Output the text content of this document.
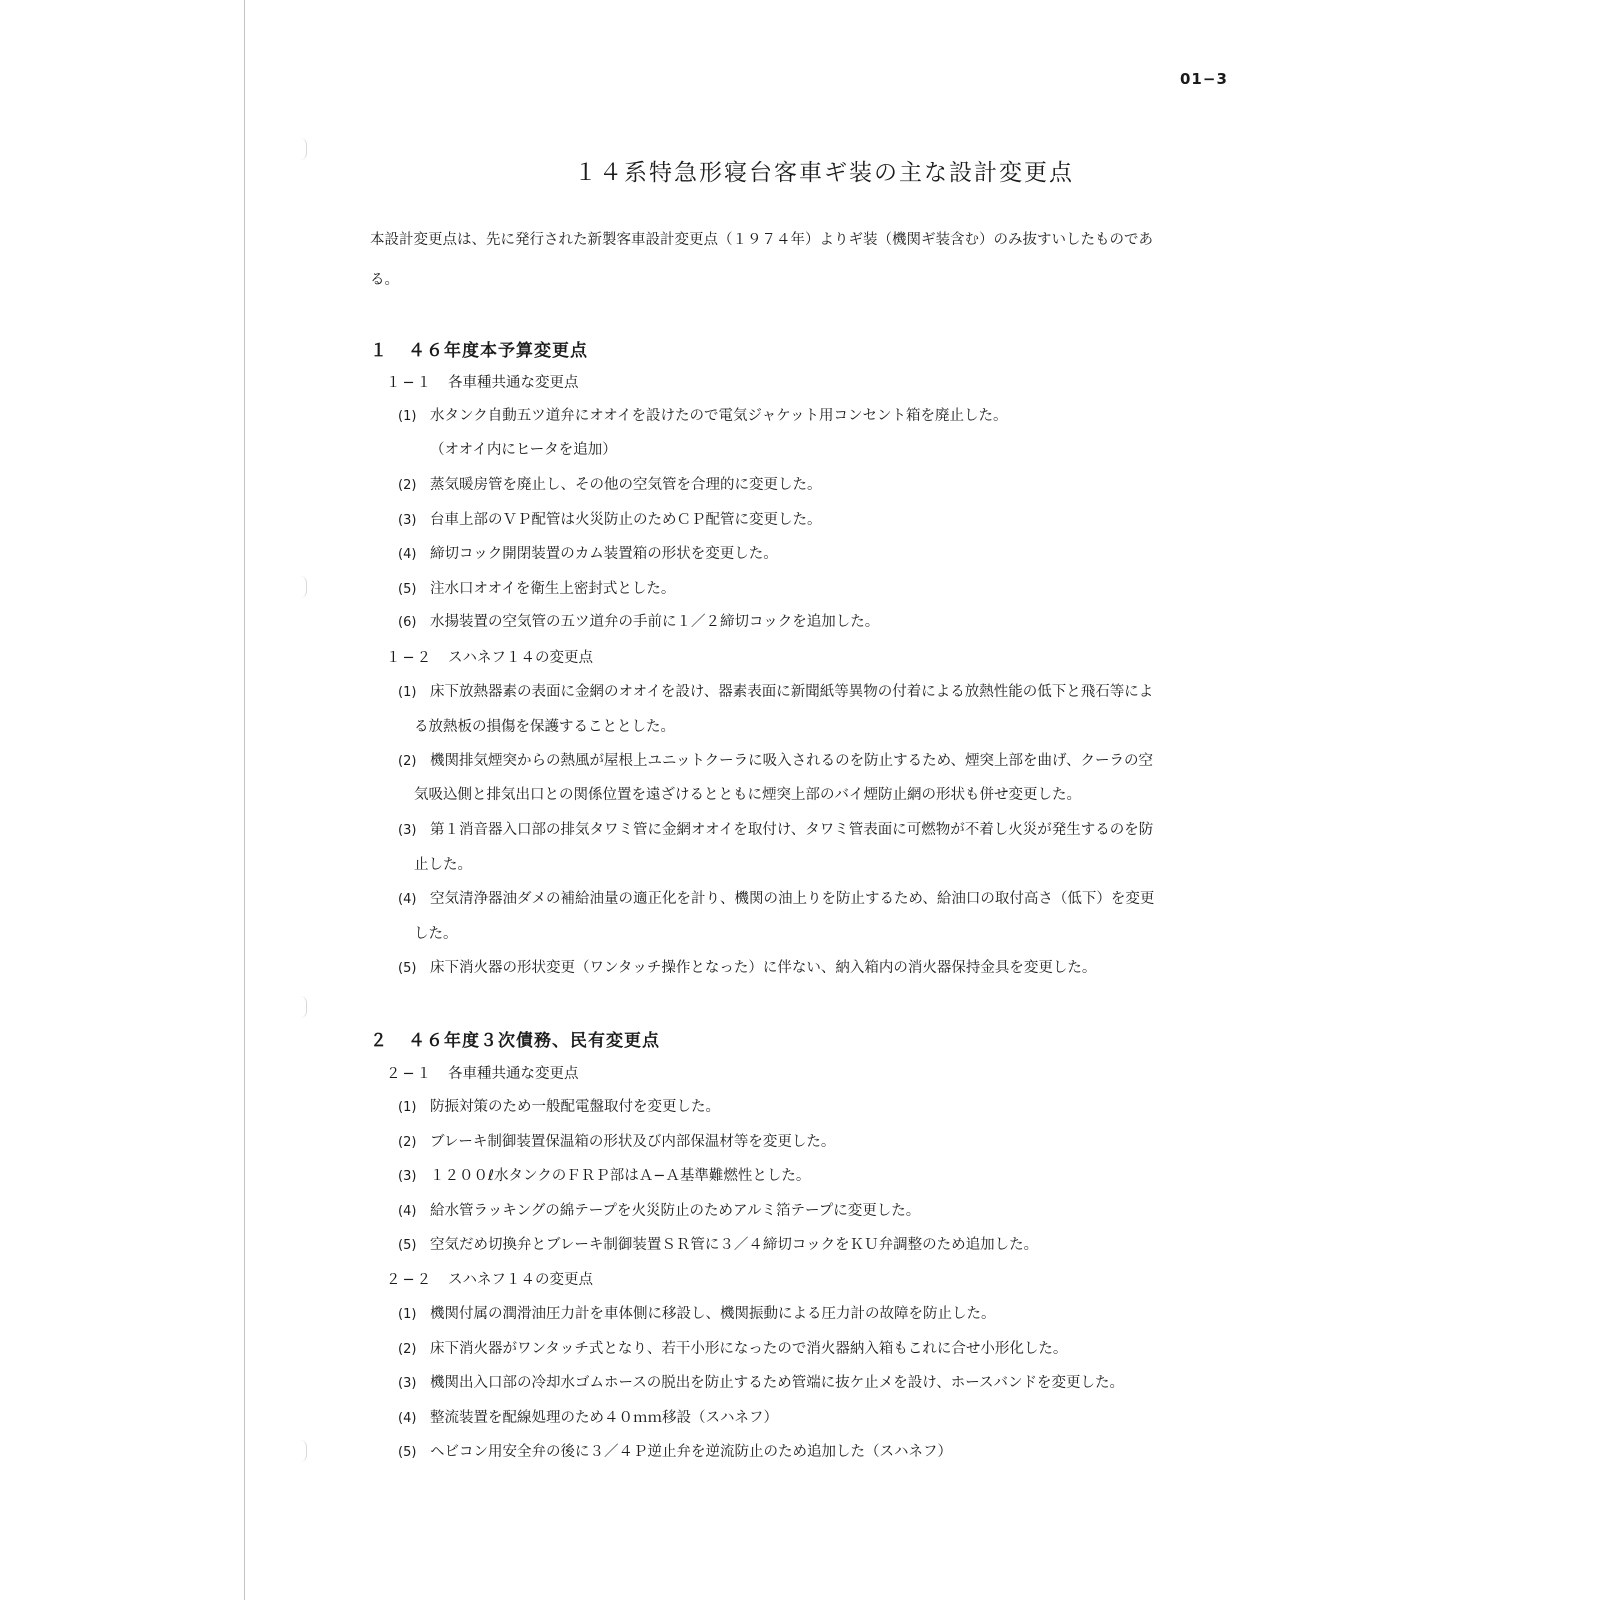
01−3
１４系特急形寝台客車ギ装の主な設計変更点
本設計変更点は、先に発行された新製客車設計変更点（１９７４年）よりギ装（機関ギ装含む）のみ抜すいしたものであ
る。
１ ４６年度本予算変更点
１−１ 各車種共通な変更点
(1) 水タンク自動五ツ道弁にオオイを設けたので電気ジャケット用コンセント箱を廃止した。
（オオイ内にヒータを追加）
(2) 蒸気暖房管を廃止し、その他の空気管を合理的に変更した。
(3) 台車上部のＶＰ配管は火災防止のためＣＰ配管に変更した。
(4) 締切コック開閉装置のカム装置箱の形状を変更した。
(5) 注水口オオイを衛生上密封式とした。
(6) 水揚装置の空気管の五ツ道弁の手前に１／２締切コックを追加した。
１−２ スハネフ１４の変更点
(1) 床下放熱器素の表面に金網のオオイを設け、器素表面に新聞紙等異物の付着による放熱性能の低下と飛石等によ
る放熱板の損傷を保護することとした。
(2) 機関排気煙突からの熱風が屋根上ユニットクーラに吸入されるのを防止するため、煙突上部を曲げ、クーラの空
気吸込側と排気出口との関係位置を遠ざけるとともに煙突上部のバイ煙防止網の形状も併せ変更した。
(3) 第１消音器入口部の排気タワミ管に金網オオイを取付け、タワミ管表面に可燃物が不着し火災が発生するのを防
止した。
(4) 空気清浄器油ダメの補給油量の適正化を計り、機関の油上りを防止するため、給油口の取付高さ（低下）を変更
した。
(5) 床下消火器の形状変更（ワンタッチ操作となった）に伴ない、納入箱内の消火器保持金具を変更した。
２ ４６年度３次債務、民有変更点
２−１ 各車種共通な変更点
(1) 防振対策のため一般配電盤取付を変更した。
(2) ブレーキ制御装置保温箱の形状及び内部保温材等を変更した。
(3) １２００ℓ水タンクのＦＲＰ部はＡ−Ａ基準難燃性とした。
(4) 給水管ラッキングの綿テープを火災防止のためアルミ箔テープに変更した。
(5) 空気だめ切換弁とブレーキ制御装置ＳＲ管に３／４締切コックをＫＵ弁調整のため追加した。
２−２ スハネフ１４の変更点
(1) 機関付属の潤滑油圧力計を車体側に移設し、機関振動による圧力計の故障を防止した。
(2) 床下消火器がワンタッチ式となり、若干小形になったので消火器納入箱もこれに合せ小形化した。
(3) 機関出入口部の冷却水ゴムホースの脱出を防止するため管端に抜ケ止メを設け、ホースバンドを変更した。
(4) 整流装置を配線処理のため４０ｍｍ移設（スハネフ）
(5) ヘビコン用安全弁の後に３／４Ｐ逆止弁を逆流防止のため追加した（スハネフ）
